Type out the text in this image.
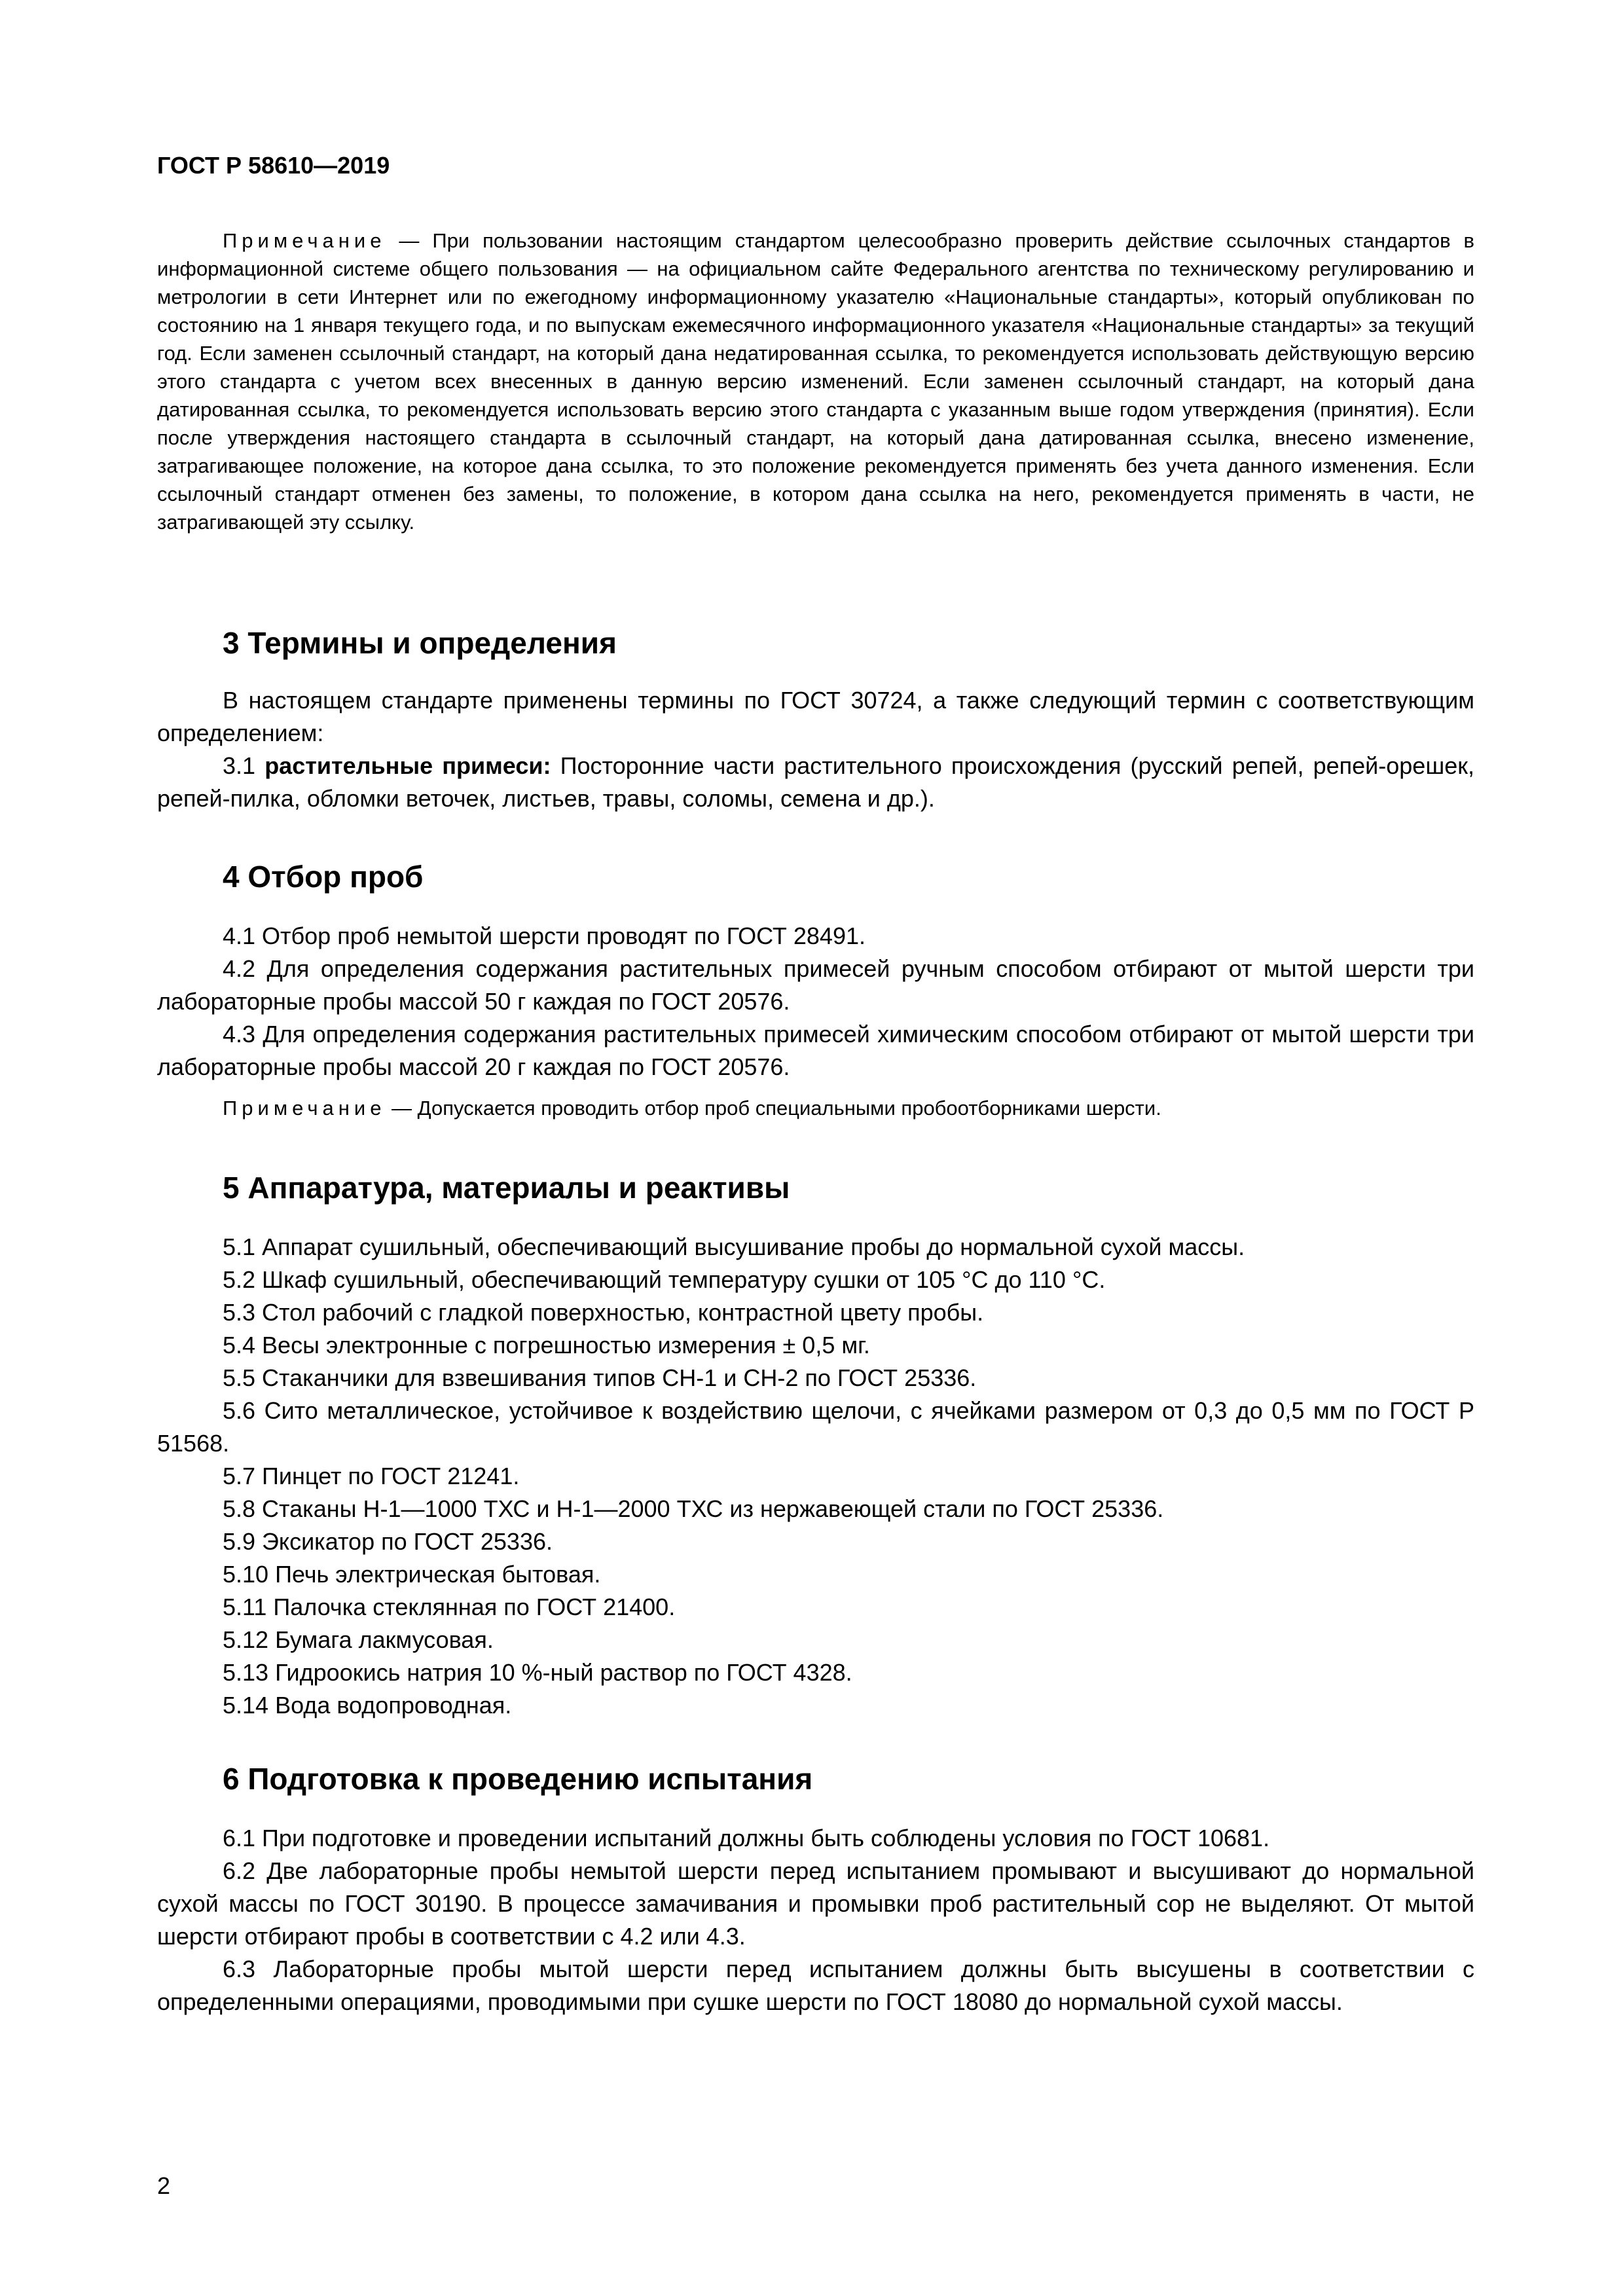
ГОСТ Р 58610—2019
Примечание — При пользовании настоящим стандартом целесообразно проверить действие ссылочных стандартов в информационной системе общего пользования — на официальном сайте Федерального агентства по техническому регулированию и метрологии в сети Интернет или по ежегодному информационному указателю «Национальные стандарты», который опубликован по состоянию на 1 января текущего года, и по выпускам ежемесячного информационного указателя «Национальные стандарты» за текущий год. Если заменен ссылочный стандарт, на который дана недатированная ссылка, то рекомендуется использовать действующую версию этого стандарта с учетом всех внесенных в данную версию изменений. Если заменен ссылочный стандарт, на который дана датированная ссылка, то рекомендуется использовать версию этого стандарта с указанным выше годом утверждения (принятия). Если после утверждения настоящего стандарта в ссылочный стандарт, на который дана датированная ссылка, внесено изменение, затрагивающее положение, на которое дана ссылка, то это положение рекомендуется применять без учета данного изменения. Если ссылочный стандарт отменен без замены, то положение, в котором дана ссылка на него, рекомендуется применять в части, не затрагивающей эту ссылку.
3 Термины и определения
В настоящем стандарте применены термины по ГОСТ 30724, а также следующий термин с соответствующим определением:
3.1 растительные примеси: Посторонние части растительного происхождения (русский репей, репей-орешек, репей-пилка, обломки веточек, листьев, травы, соломы, семена и др.).
4 Отбор проб
4.1 Отбор проб немытой шерсти проводят по ГОСТ 28491.
4.2 Для определения содержания растительных примесей ручным способом отбирают от мытой шерсти три лабораторные пробы массой 50 г каждая по ГОСТ 20576.
4.3 Для определения содержания растительных примесей химическим способом отбирают от мытой шерсти три лабораторные пробы массой 20 г каждая по ГОСТ 20576.
Примечание — Допускается проводить отбор проб специальными пробоотборниками шерсти.
5 Аппаратура, материалы и реактивы
5.1 Аппарат сушильный, обеспечивающий высушивание пробы до нормальной сухой массы.
5.2 Шкаф сушильный, обеспечивающий температуру сушки от 105 °С до 110 °С.
5.3 Стол рабочий с гладкой поверхностью, контрастной цвету пробы.
5.4 Весы электронные с погрешностью измерения ± 0,5 мг.
5.5 Стаканчики для взвешивания типов СН-1 и СН-2 по ГОСТ 25336.
5.6 Сито металлическое, устойчивое к воздействию щелочи, с ячейками размером от 0,3 до 0,5 мм по ГОСТ Р 51568.
5.7 Пинцет по ГОСТ 21241.
5.8 Стаканы Н-1—1000 ТХС и Н-1—2000 ТХС из нержавеющей стали по ГОСТ 25336.
5.9 Эксикатор по ГОСТ 25336.
5.10 Печь электрическая бытовая.
5.11 Палочка стеклянная по ГОСТ 21400.
5.12 Бумага лакмусовая.
5.13 Гидроокись натрия 10 %-ный раствор по ГОСТ 4328.
5.14 Вода водопроводная.
6 Подготовка к проведению испытания
6.1 При подготовке и проведении испытаний должны быть соблюдены условия по ГОСТ 10681.
6.2 Две лабораторные пробы немытой шерсти перед испытанием промывают и высушивают до нормальной сухой массы по ГОСТ 30190. В процессе замачивания и промывки проб растительный сор не выделяют. От мытой шерсти отбирают пробы в соответствии с 4.2 или 4.3.
6.3 Лабораторные пробы мытой шерсти перед испытанием должны быть высушены в соответствии с определенными операциями, проводимыми при сушке шерсти по ГОСТ 18080 до нормальной сухой массы.
2
